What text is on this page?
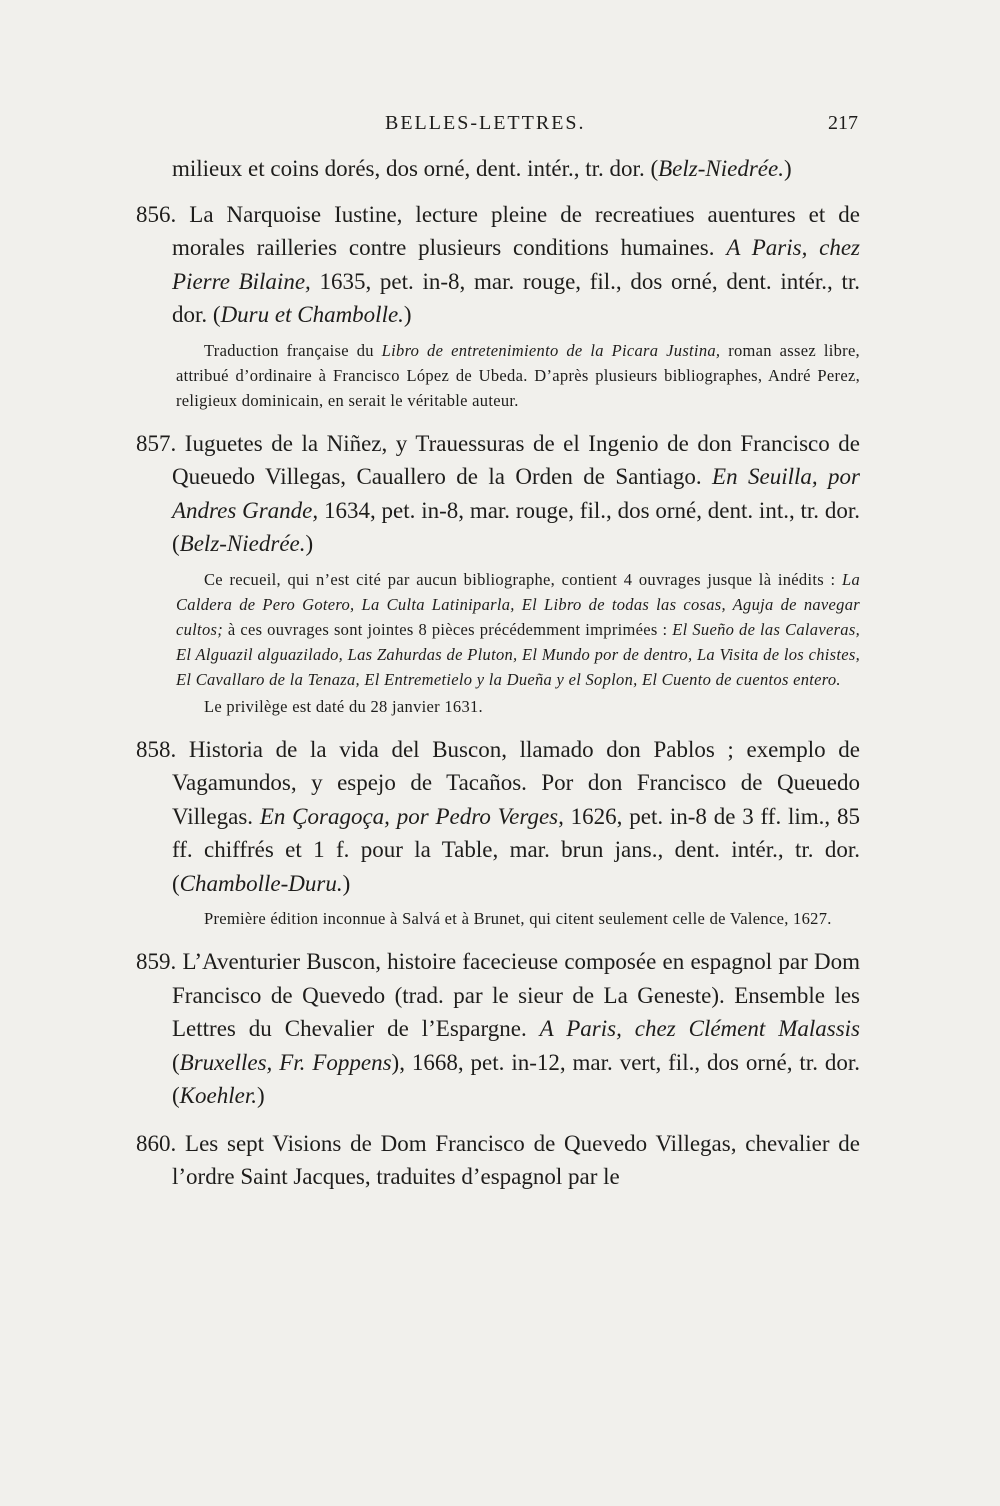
BELLES-LETTRES.	217

milieux et coins dorés, dos orné, dent. intér., tr. dor. (Belz-Niedrée.)

856. La Narquoise Iustine, lecture pleine de recreatiues auentures et de morales railleries contre plusieurs conditions humaines. A Paris, chez Pierre Bilaine, 1635, pet. in-8, mar. rouge, fil., dos orné, dent. intér., tr. dor. (Duru et Chambolle.)

Traduction française du Libro de entretenimiento de la Picara Justina, roman assez libre, attribué d’ordinaire à Francisco López de Ubeda. D’après plusieurs bibliographes, André Perez, religieux dominicain, en serait le véritable auteur.

857. Iuguetes de la Niñez, y Trauessuras de el Ingenio de don Francisco de Queuedo Villegas, Cauallero de la Orden de Santiago. En Seuilla, por Andres Grande, 1634, pet. in-8, mar. rouge, fil., dos orné, dent. int., tr. dor. (Belz-Niedrée.)

Ce recueil, qui n’est cité par aucun bibliographe, contient 4 ouvrages jusque là inédits : La Caldera de Pero Gotero, La Culta Latiniparla, El Libro de todas las cosas, Aguja de navegar cultos; à ces ouvrages sont jointes 8 pièces précédemment imprimées : El Sueño de las Calaveras, El Alguazil alguazilado, Las Zahurdas de Pluton, El Mundo por de dentro, La Visita de los chistes, El Cavallaro de la Tenaza, El Entremetielo y la Dueña y el Soplon, El Cuento de cuentos entero.

Le privilège est daté du 28 janvier 1631.

858. Historia de la vida del Buscon, llamado don Pablos ; exemplo de Vagamundos, y espejo de Tacaños. Por don Francisco de Queuedo Villegas. En Çoragoça, por Pedro Verges, 1626, pet. in-8 de 3 ff. lim., 85 ff. chiffrés et 1 f. pour la Table, mar. brun jans., dent. intér., tr. dor. (Chambolle-Duru.)

Première édition inconnue à Salvá et à Brunet, qui citent seulement celle de Valence, 1627.

859. L’Aventurier Buscon, histoire facecieuse composée en espagnol par Dom Francisco de Quevedo (trad. par le sieur de La Geneste). Ensemble les Lettres du Chevalier de l’Espargne. A Paris, chez Clément Malassis (Bruxelles, Fr. Foppens), 1668, pet. in-12, mar. vert, fil., dos orné, tr. dor. (Koehler.)

860. Les sept Visions de Dom Francisco de Quevedo Villegas, chevalier de l’ordre Saint Jacques, traduites d’espagnol par le
